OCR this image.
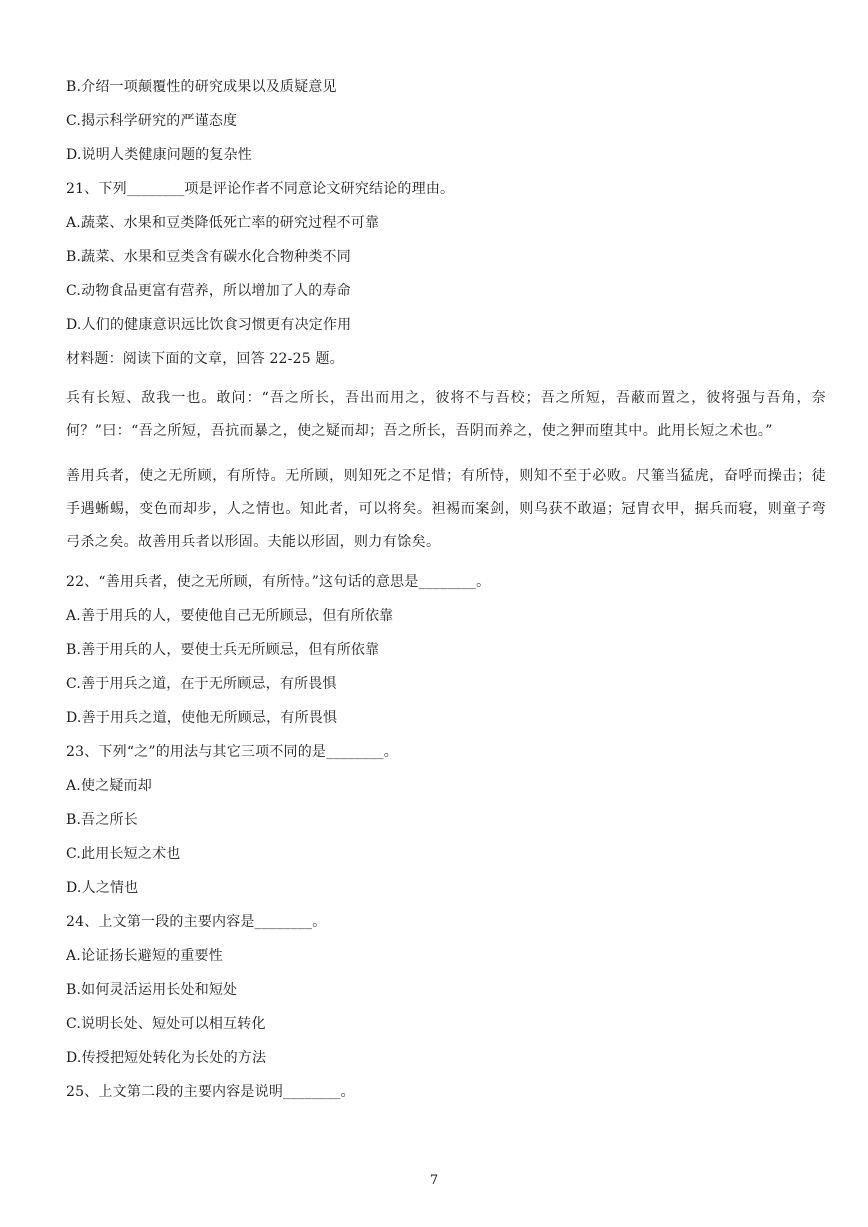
B.介绍一项颠覆性的研究成果以及质疑意见

C.揭示科学研究的严谨态度

D.说明人类健康问题的复杂性

21、下列________项是评论作者不同意论文研究结论的理由。

A.蔬菜、水果和豆类降低死亡率的研究过程不可靠

B.蔬菜、水果和豆类含有碳水化合物种类不同

C.动物食品更富有营养，所以增加了人的寿命

D.人们的健康意识远比饮食习惯更有决定作用

材料题：阅读下面的文章，回答 22-25 题。

兵有长短、敌我一也。敢问：“吾之所长，吾出而用之，彼将不与吾校；吾之所短，吾蔽而置之，彼将强与吾角，奈何？”曰：“吾之所短，吾抗而暴之，使之疑而却；吾之所长，吾阴而养之，使之狎而堕其中。此用长短之术也。”

善用兵者，使之无所顾，有所恃。无所顾，则知死之不足惜；有所恃，则知不至于必败。尺箠当猛虎，奋呼而操击；徒手遇蜥蜴，变色而却步，人之情也。知此者，可以将矣。袒裼而案剑，则乌获不敢逼；冠胄衣甲，据兵而寝，则童子弯弓杀之矣。故善用兵者以形固。夫能以形固，则力有馀矣。

22、“善用兵者，使之无所顾，有所恃。”这句话的意思是________。

A.善于用兵的人，要使他自己无所顾忌，但有所依靠

B.善于用兵的人，要使士兵无所顾忌，但有所依靠

C.善于用兵之道，在于无所顾忌，有所畏惧

D.善于用兵之道，使他无所顾忌，有所畏惧

23、下列“之”的用法与其它三项不同的是________。

A.使之疑而却

B.吾之所长

C.此用长短之术也

D.人之情也

24、上文第一段的主要内容是________。

A.论证扬长避短的重要性

B.如何灵活运用长处和短处

C.说明长处、短处可以相互转化

D.传授把短处转化为长处的方法

25、上文第二段的主要内容是说明________。

7
